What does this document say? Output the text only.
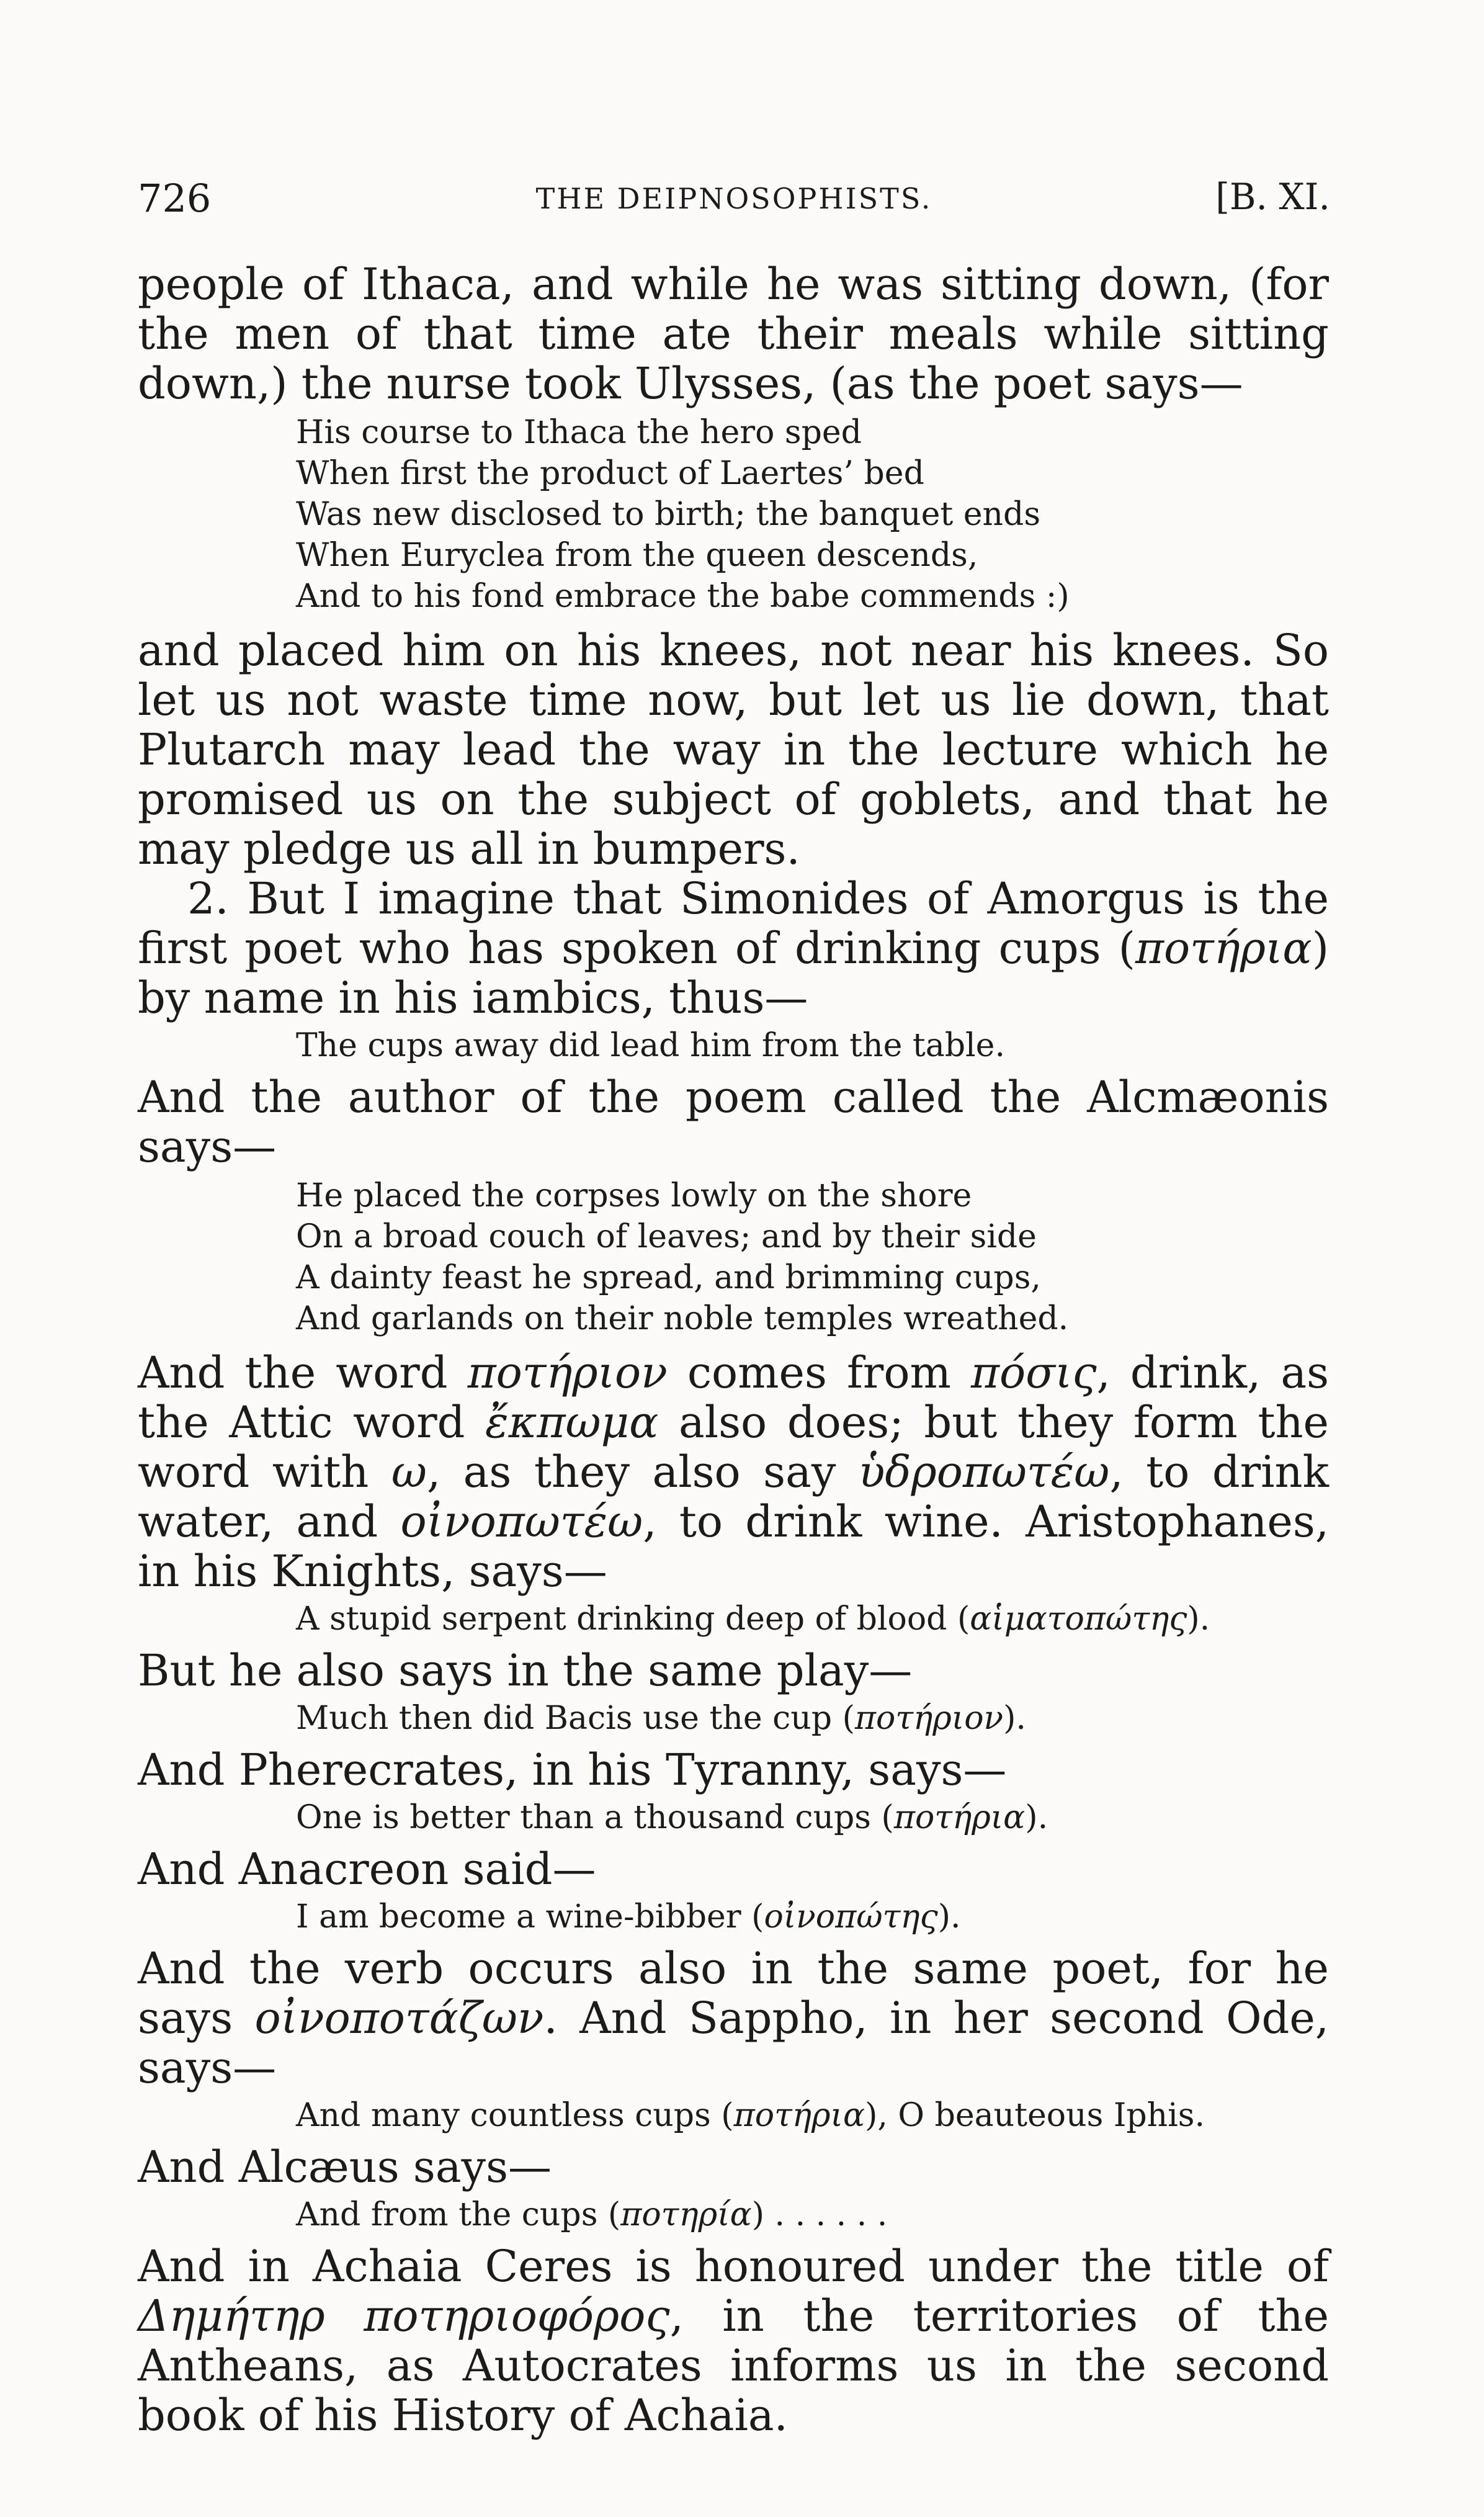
726	THE DEIPNOSOPHISTS.	[B. XI.

people of Ithaca, and while he was sitting down, (for the men of that time ate their meals while sitting down,) the nurse took Ulysses, (as the poet says—

His course to Ithaca the hero sped
When first the product of Laertes’ bed
Was new disclosed to birth; the banquet ends
When Euryclea from the queen descends,
And to his fond embrace the babe commends :)

and placed him on his knees, not near his knees. So let us not waste time now, but let us lie down, that Plutarch may lead the way in the lecture which he promised us on the subject of goblets, and that he may pledge us all in bumpers.

2. But I imagine that Simonides of Amorgus is the first poet who has spoken of drinking cups (ποτήρια) by name in his iambics, thus—

The cups away did lead him from the table.

And the author of the poem called the Alcmæonis says—

He placed the corpses lowly on the shore
On a broad couch of leaves; and by their side
A dainty feast he spread, and brimming cups,
And garlands on their noble temples wreathed.

And the word ποτήριον comes from πόσις, drink, as the Attic word ἔκπωμα also does; but they form the word with ω, as they also say ὑδροπωτέω, to drink water, and οἰνοπωτέω, to drink wine. Aristophanes, in his Knights, says—

A stupid serpent drinking deep of blood (αἱματοπώτης).

But he also says in the same play—

Much then did Bacis use the cup (ποτήριον).

And Pherecrates, in his Tyranny, says—

One is better than a thousand cups (ποτήρια).

And Anacreon said—

I am become a wine-bibber (οἰνοπώτης).

And the verb occurs also in the same poet, for he says οἰνοποτάζων. And Sappho, in her second Ode, says—

And many countless cups (ποτήρια), O beauteous Iphis.

And Alcæus says—

And from the cups (ποτηρία) . . . . . .

And in Achaia Ceres is honoured under the title of Δημήτηρ ποτηριοφόρος, in the territories of the Antheans, as Autocrates informs us in the second book of his History of Achaia.
